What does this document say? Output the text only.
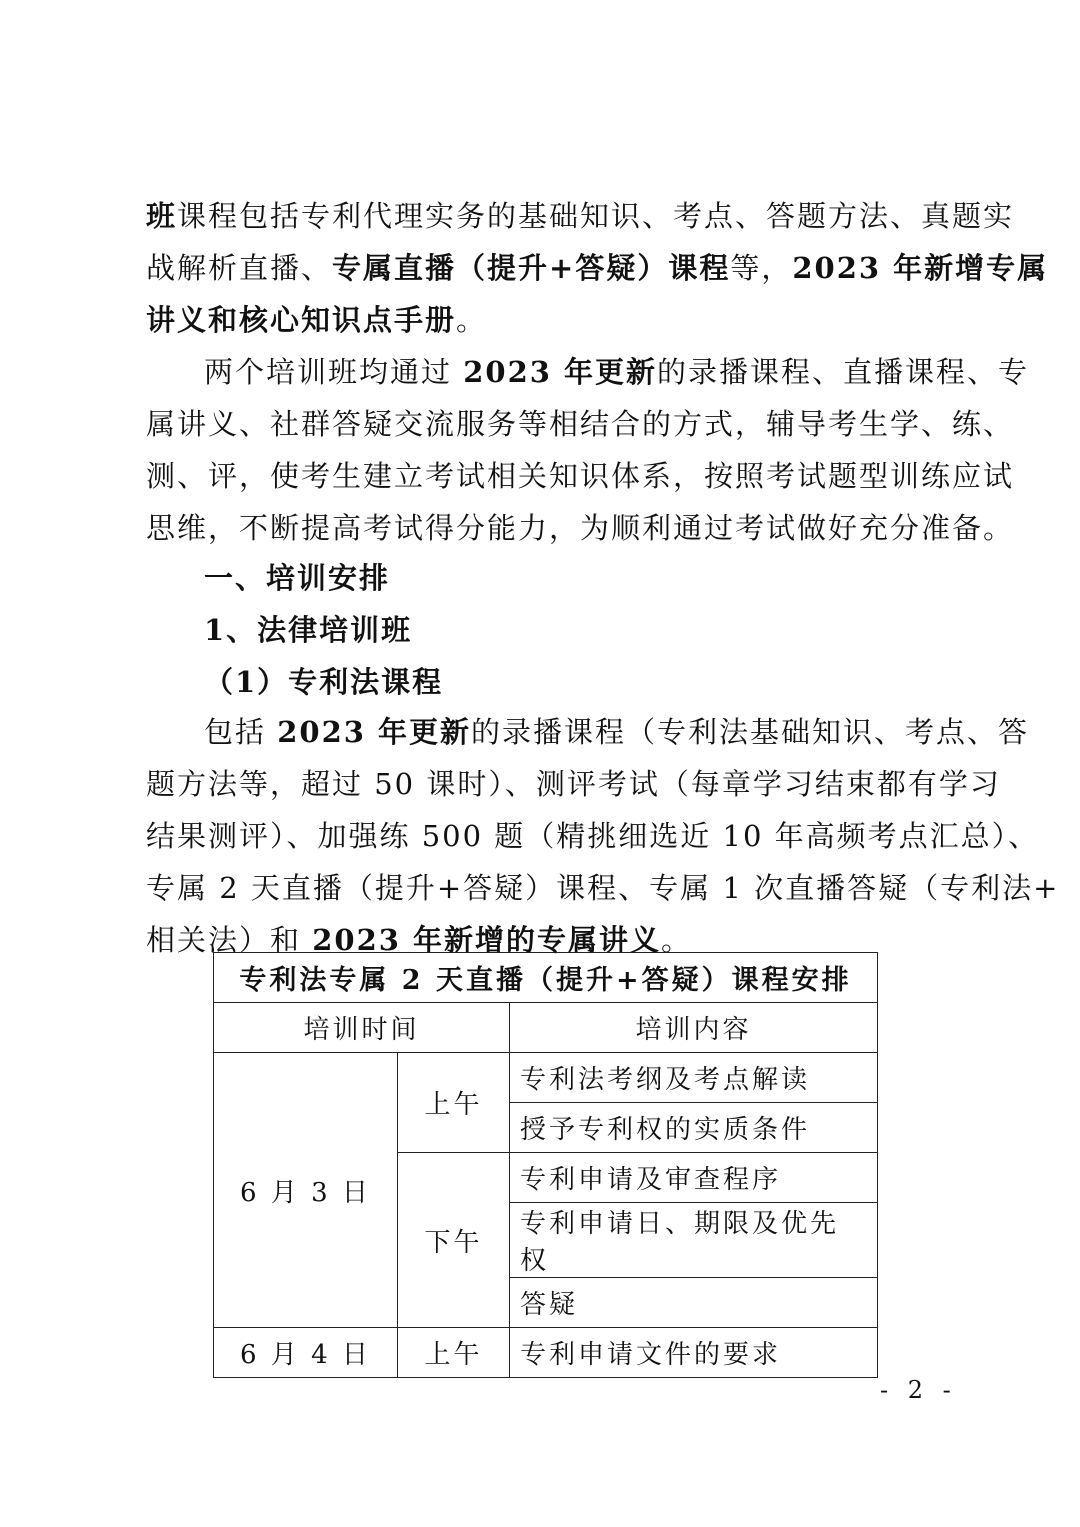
班课程包括专利代理实务的基础知识、考点、答题方法、真题实
战解析直播、专属直播（提升+答疑）课程等，2023 年新增专属
讲义和核心知识点手册。

两个培训班均通过 2023 年更新的录播课程、直播课程、专
属讲义、社群答疑交流服务等相结合的方式，辅导考生学、练、
测、评，使考生建立考试相关知识体系，按照考试题型训练应试
思维，不断提高考试得分能力，为顺利通过考试做好充分准备。

一、培训安排

1、法律培训班

（1）专利法课程

包括 2023 年更新的录播课程（专利法基础知识、考点、答
题方法等，超过 50 课时）、测评考试（每章学习结束都有学习
结果测评）、加强练 500 题（精挑细选近 10 年高频考点汇总）、
专属 2 天直播（提升+答疑）课程、专属 1 次直播答疑（专利法+
相关法）和 2023 年新增的专属讲义。

专利法专属 2 天直播（提升+答疑）课程安排		
培训时间		培训内容
6 月 3 日	上午	专利法考纲及考点解读
		授予专利权的实质条件
	下午	专利申请及审查程序
		专利申请日、期限及优先权
		答疑
6 月 4 日	上午	专利申请文件的要求
- 2 -
